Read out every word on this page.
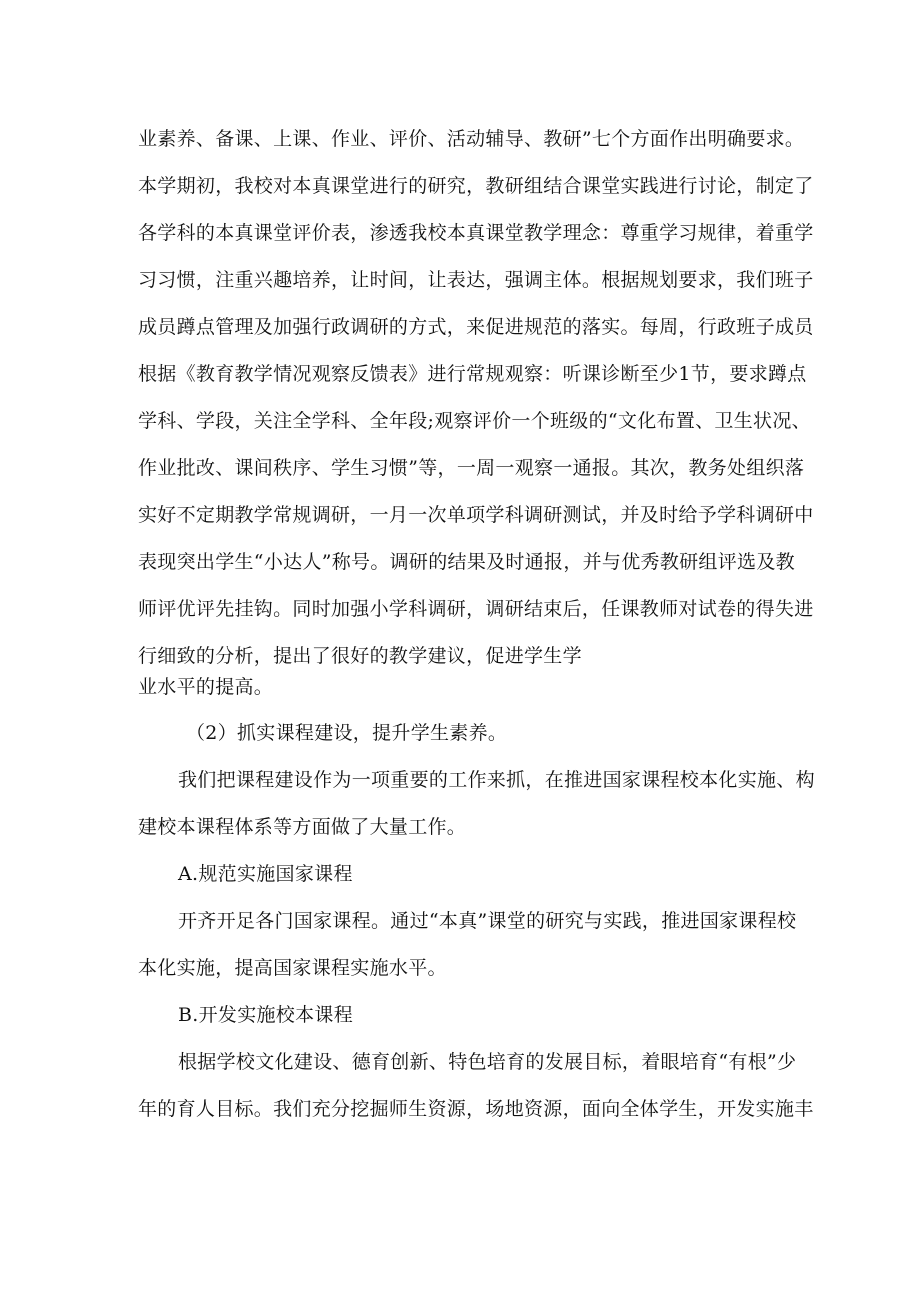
业素养、备课、上课、作业、评价、活动辅导、教研”七个方面作出明确要求。
本学期初，我校对本真课堂进行的研究，教研组结合课堂实践进行讨论，制定了
各学科的本真课堂评价表，渗透我校本真课堂教学理念：尊重学习规律，着重学
习习惯，注重兴趣培养，让时间，让表达，强调主体。根据规划要求，我们班子
成员蹲点管理及加强行政调研的方式，来促进规范的落实。每周，行政班子成员
根据《教育教学情况观察反馈表》进行常规观察：听课诊断至少1节，要求蹲点
学科、学段，关注全学科、全年段;观察评价一个班级的“文化布置、卫生状况、
作业批改、课间秩序、学生习惯”等，一周一观察一通报。其次，教务处组织落
实好不定期教学常规调研，一月一次单项学科调研测试，并及时给予学科调研中
表现突出学生“小达人”称号。调研的结果及时通报，并与优秀教研组评选及教
师评优评先挂钩。同时加强小学科调研，调研结束后，任课教师对试卷的得失进
行细致的分析，提出了很好的教学建议，促进学生学
业水平的提高。
（2）抓实课程建设，提升学生素养。
我们把课程建设作为一项重要的工作来抓，在推进国家课程校本化实施、构
建校本课程体系等方面做了大量工作。
A.规范实施国家课程
开齐开足各门国家课程。通过“本真”课堂的研究与实践，推进国家课程校
本化实施，提高国家课程实施水平。
B.开发实施校本课程
根据学校文化建设、德育创新、特色培育的发展目标，着眼培育“有根”少
年的育人目标。我们充分挖掘师生资源，场地资源，面向全体学生，开发实施丰
